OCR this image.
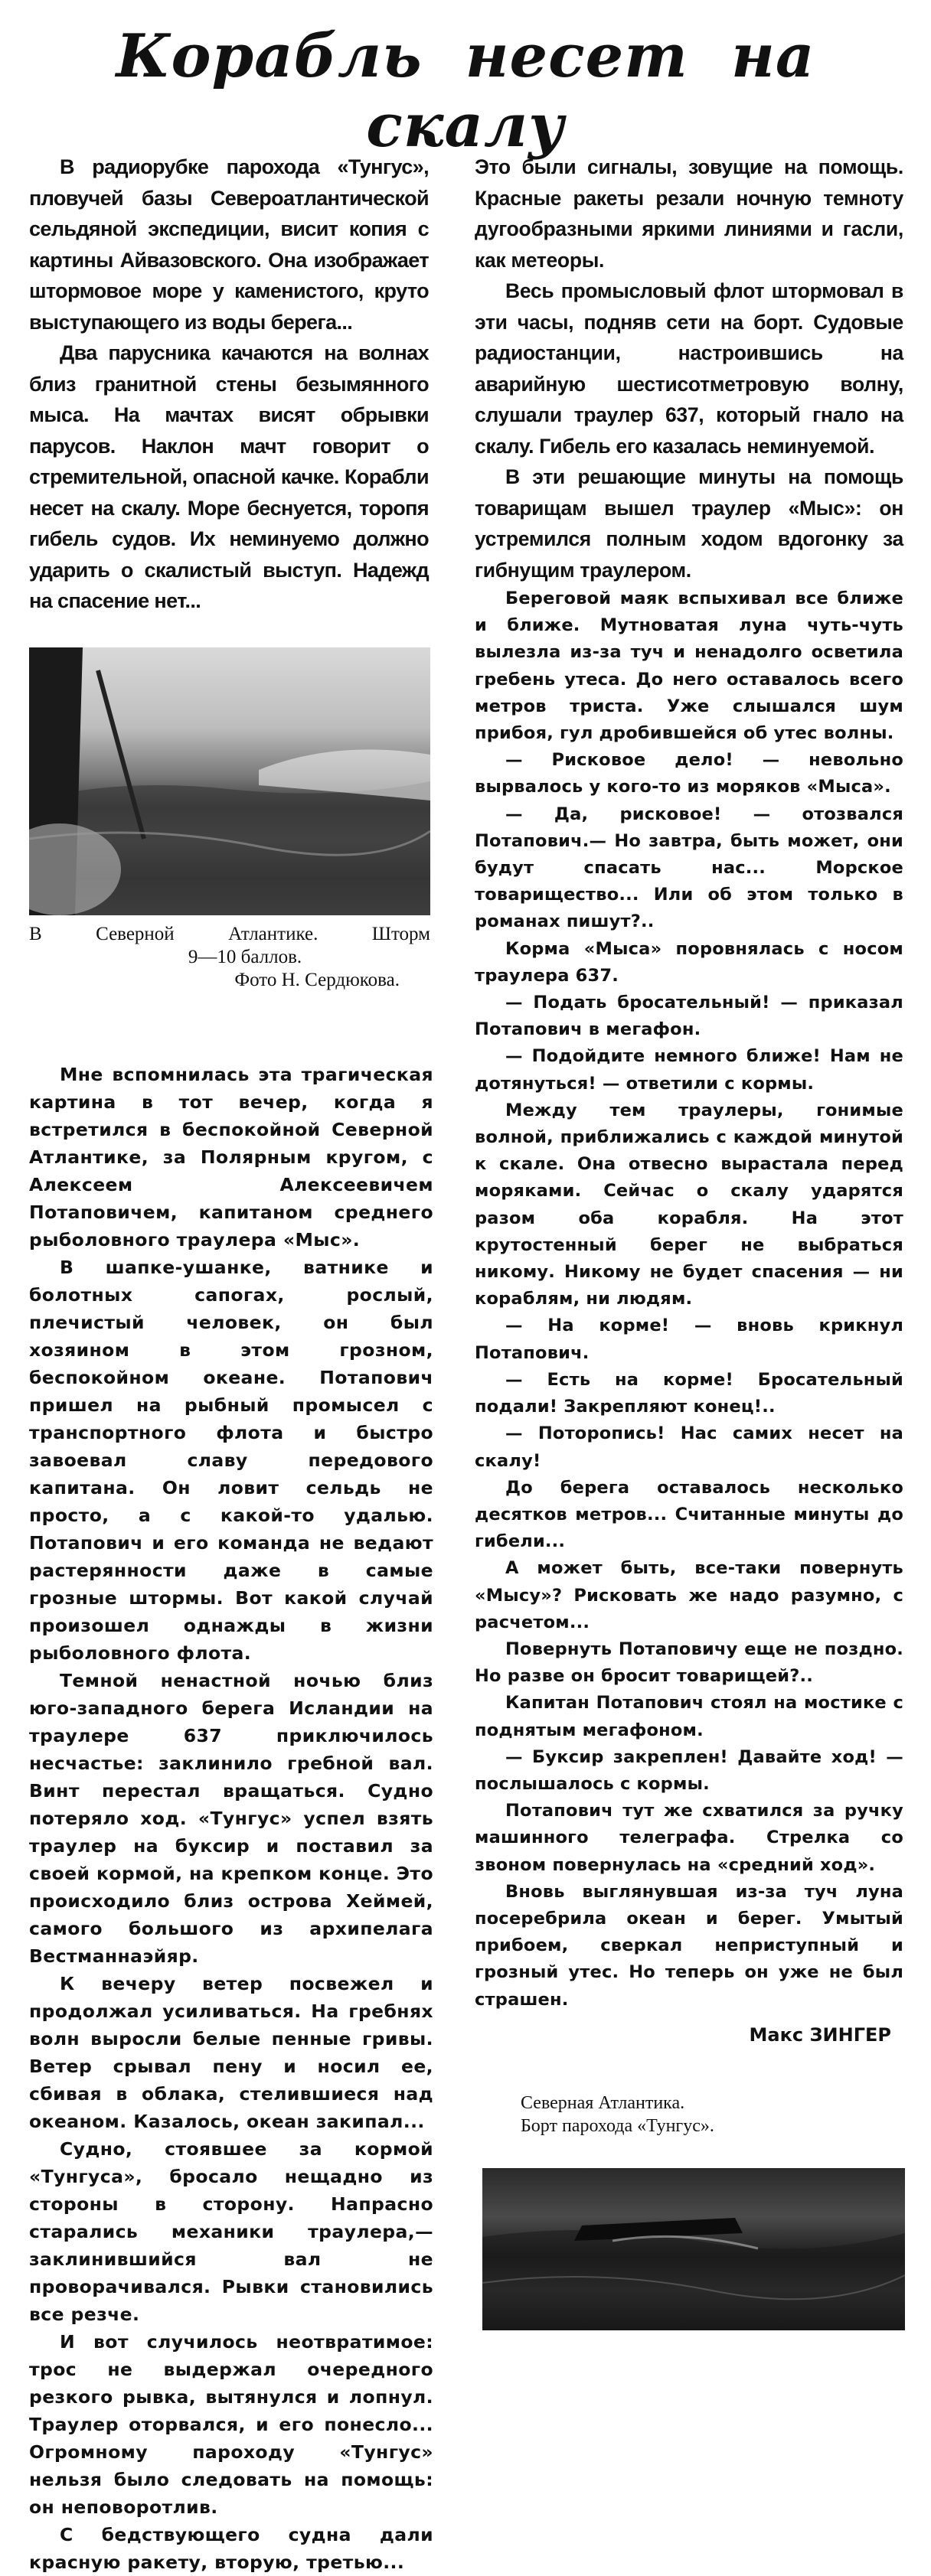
Корабль несет на скалу

В радиорубке парохода «Тунгус», пловучей базы Североатлантической сельдяной экспедиции, висит копия с картины Айвазовского. Она изображает штормовое море у каменистого, круто выступающего из воды берега...

Два парусника качаются на волнах близ гранитной стены безымянного мыса. На мачтах висят обрывки парусов. Наклон мачт говорит о стремительной, опасной качке. Корабли несет на скалу. Море беснуется, торопя гибель судов. Их неминуемо должно ударить о скалистый выступ. Надежд на спасение нет...

В Северной Атлантике. Шторм
9—10 баллов.
Фото Н. Сердюкова.

Мне вспомнилась эта трагическая картина в тот вечер, когда я встретился в беспокойной Северной Атлантике, за Полярным кругом, с Алексеем Алексеевичем Потаповичем, капитаном среднего рыболовного траулера «Мыс».

В шапке-ушанке, ватнике и болотных сапогах, рослый, плечистый человек, он был хозяином в этом грозном, беспокойном океане. Потапович пришел на рыбный промысел с транспортного флота и быстро завоевал славу передового капитана. Он ловит сельдь не просто, а с какой-то удалью. Потапович и его команда не ведают растерянности даже в самые грозные штормы. Вот какой случай произошел однажды в жизни рыболовного флота.

Темной ненастной ночью близ юго-западного берега Исландии на траулере 637 приключилось несчастье: заклинило гребной вал. Винт перестал вращаться. Судно потеряло ход. «Тунгус» успел взять траулер на буксир и поставил за своей кормой, на крепком конце. Это происходило близ острова Хеймей, самого большого из архипелага Вестманнаэйяр.

К вечеру ветер посвежел и продолжал усиливаться. На гребнях волн выросли белые пенные гривы. Ветер срывал пену и носил ее, сбивая в облака, стелившиеся над океаном. Казалось, океан закипал...

Судно, стоявшее за кормой «Тунгуса», бросало нещадно из стороны в сторону. Напрасно старались механики траулера,— заклинившийся вал не проворачивался. Рывки становились все резче.

И вот случилось неотвратимое: трос не выдержал очередного резкого рывка, вытянулся и лопнул. Траулер оторвался, и его понесло... Огромному пароходу «Тунгус» нельзя было следовать на помощь: он неповоротлив.

С бедствующего судна дали красную ракету, вторую, третью...

Это были сигналы, зовущие на помощь. Красные ракеты резали ночную темноту дугообразными яркими линиями и гасли, как метеоры.

Весь промысловый флот штормовал в эти часы, подняв сети на борт. Судовые радиостанции, настроившись на аварийную шестисотметровую волну, слушали траулер 637, который гнало на скалу. Гибель его казалась неминуемой.

В эти решающие минуты на помощь товарищам вышел траулер «Мыс»: он устремился полным ходом вдогонку за гибнущим траулером.

Береговой маяк вспыхивал все ближе и ближе. Мутноватая луна чуть-чуть вылезла из-за туч и ненадолго осветила гребень утеса. До него оставалось всего метров триста. Уже слышался шум прибоя, гул дробившейся об утес волны.

— Рисковое дело! — невольно вырвалось у кого-то из моряков «Мыса».

— Да, рисковое! — отозвался Потапович.— Но завтра, быть может, они будут спасать нас... Морское товарищество... Или об этом только в романах пишут?..

Корма «Мыса» поровнялась с носом траулера 637.

— Подать бросательный! — приказал Потапович в мегафон.

— Подойдите немного ближе! Нам не дотянуться! — ответили с кормы.

Между тем траулеры, гонимые волной, приближались с каждой минутой к скале. Она отвесно вырастала перед моряками. Сейчас о скалу ударятся разом оба корабля. На этот крутостенный берег не выбраться никому. Никому не будет спасения — ни кораблям, ни людям.

— На корме! — вновь крикнул Потапович.

— Есть на корме! Бросательный подали! Закрепляют конец!..

— Поторопись! Нас самих несет на скалу!

До берега оставалось несколько десятков метров... Считанные минуты до гибели...

А может быть, все-таки повернуть «Мысу»? Рисковать же надо разумно, с расчетом...

Повернуть Потаповичу еще не поздно. Но разве он бросит товарищей?..

Капитан Потапович стоял на мостике с поднятым мегафоном.

— Буксир закреплен! Давайте ход! — послышалось с кормы.

Потапович тут же схватился за ручку машинного телеграфа. Стрелка со звоном повернулась на «средний ход».

Вновь выглянувшая из-за туч луна посеребрила океан и берег. Умытый прибоем, сверкал неприступный и грозный утес. Но теперь он уже не был страшен.

Макс ЗИНГЕР
Северная Атлантика.
Борт парохода «Тунгус».
